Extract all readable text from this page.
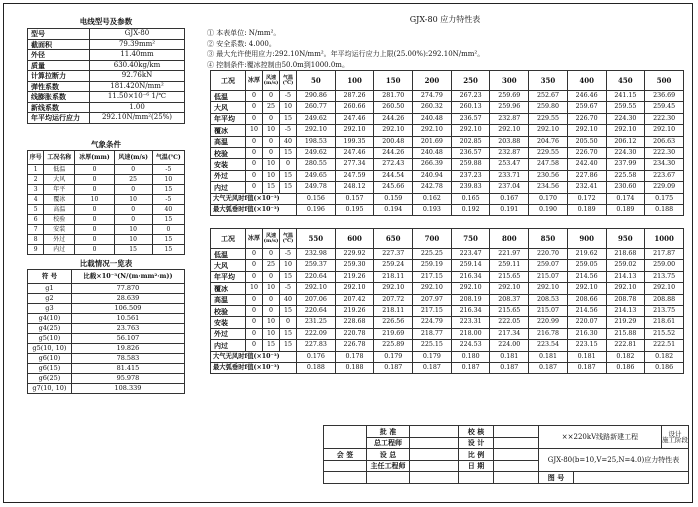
电线型号及参数
型号	GJX-80
截面积	79.39mm²
外径	11.40mm
质量	630.40kg/km
计算拉断力	92.76kN
弹性系数	181.420N/mm²
线膨胀系数	11.50×10⁻⁶ 1/℃
新线系数	1.00
年平均运行应力	292.10N/mm²(25%)
气象条件
序号	工况名称	冰厚(mm)	风速(m/s)	气温(℃)
1	低温	0	0	-5
2	大风	0	25	10
3	年平	0	0	15
4	覆冰	10	10	-5
5	高温	0	0	40
6	校验	0	0	15
7	安装	0	10	0
8	外过	0	10	15
9	内过	0	15	15
比载情况一览表
符 号	比载×10⁻³(N/(m·mm²·m))
g1	77.870
g2	28.639
g3	106.509
g4(10)	10.561
g4(25)	23.763
g5(10)	56.107
g5(10, 10)	19.826
g6(10)	78.583
g6(15)	81.415
g6(25)	95.978
g7(10, 10)	108.339
GJX-80 应力特性表
① 本表单位: N/mm²。
② 安全系数: 4.000。
③ 最大允许使用应力:292.10N/mm²。年平均运行应力上限(25.00%):292.10N/mm²。
④ 控制条件:覆冰控制由50.0m到1000.0m。
工况	冰厚	风速(m/s)	气温(℃)	50	100	150	200	250	300	350	400	450	500
低温	0	0	-5	290.86	287.26	281.70	274.79	267.23	259.69	252.67	246.46	241.15	236.69
大风	0	25	10	260.77	260.66	260.50	260.32	260.13	259.96	259.80	259.67	259.55	259.45
年平均	0	0	15	249.62	247.46	244.26	240.48	236.57	232.87	229.55	226.70	224.30	222.30
覆冰	10	10	-5	292.10	292.10	292.10	292.10	292.10	292.10	292.10	292.10	292.10	292.10
高温	0	0	40	198.53	199.35	200.48	201.69	202.85	203.88	204.76	205.50	206.12	206.63
校验	0	0	15	249.62	247.46	244.26	240.48	236.57	232.87	229.55	226.70	224.30	222.30
安装	0	10	0	280.55	277.34	272.43	266.39	259.88	253.47	247.58	242.40	237.99	234.30
外过	0	10	15	249.65	247.59	244.54	240.94	237.23	233.71	230.56	227.86	225.58	223.67
内过	0	15	15	249.78	248.12	245.66	242.78	239.83	237.04	234.56	232.41	230.60	229.09
大气无风时f值(×10⁻³)				0.156	0.157	0.159	0.162	0.165	0.167	0.170	0.172	0.174	0.175
最大弧垂时f值(×10⁻³)				0.196	0.195	0.194	0.193	0.192	0.191	0.190	0.189	0.189	0.188
工况	冰厚	风速(m/s)	气温(℃)	550	600	650	700	750	800	850	900	950	1000
低温	0	0	-5	232.98	229.92	227.37	225.25	223.47	221.97	220.70	219.62	218.68	217.87
大风	0	25	10	259.37	259.30	259.24	259.19	259.14	259.11	259.07	259.05	259.02	259.00
年平均	0	0	15	220.64	219.26	218.11	217.15	216.34	215.65	215.07	214.56	214.13	213.75
覆冰	10	10	-5	292.10	292.10	292.10	292.10	292.10	292.10	292.10	292.10	292.10	292.10
高温	0	0	40	207.06	207.42	207.72	207.97	208.19	208.37	208.53	208.66	208.78	208.88
校验	0	0	15	220.64	219.26	218.11	217.15	216.34	215.65	215.07	214.56	214.13	213.75
安装	0	10	0	231.25	228.68	226.56	224.79	223.31	222.05	220.99	220.07	219.29	218.61
外过	0	10	15	222.09	220.78	219.69	218.77	218.00	217.34	216.78	216.30	215.88	215.52
内过	0	15	15	227.83	226.78	225.89	225.15	224.53	224.00	223.54	223.15	222.81	222.51
大气无风时f值(×10⁻³)				0.176	0.178	0.179	0.179	0.180	0.181	0.181	0.181	0.182	0.182
最大弧垂时f值(×10⁻³)				0.188	0.188	0.187	0.187	0.187	0.187	0.187	0.187	0.186	0.186
	批 准		校 核		××220kV线路新建工程		设计
施工阶段
	总工程师		设 计				
会 签	设 总		比 例		GJX-80(b=10,V=25,N=4.0)应力特性表		
	主任工程师		日 期				
					图 号		
